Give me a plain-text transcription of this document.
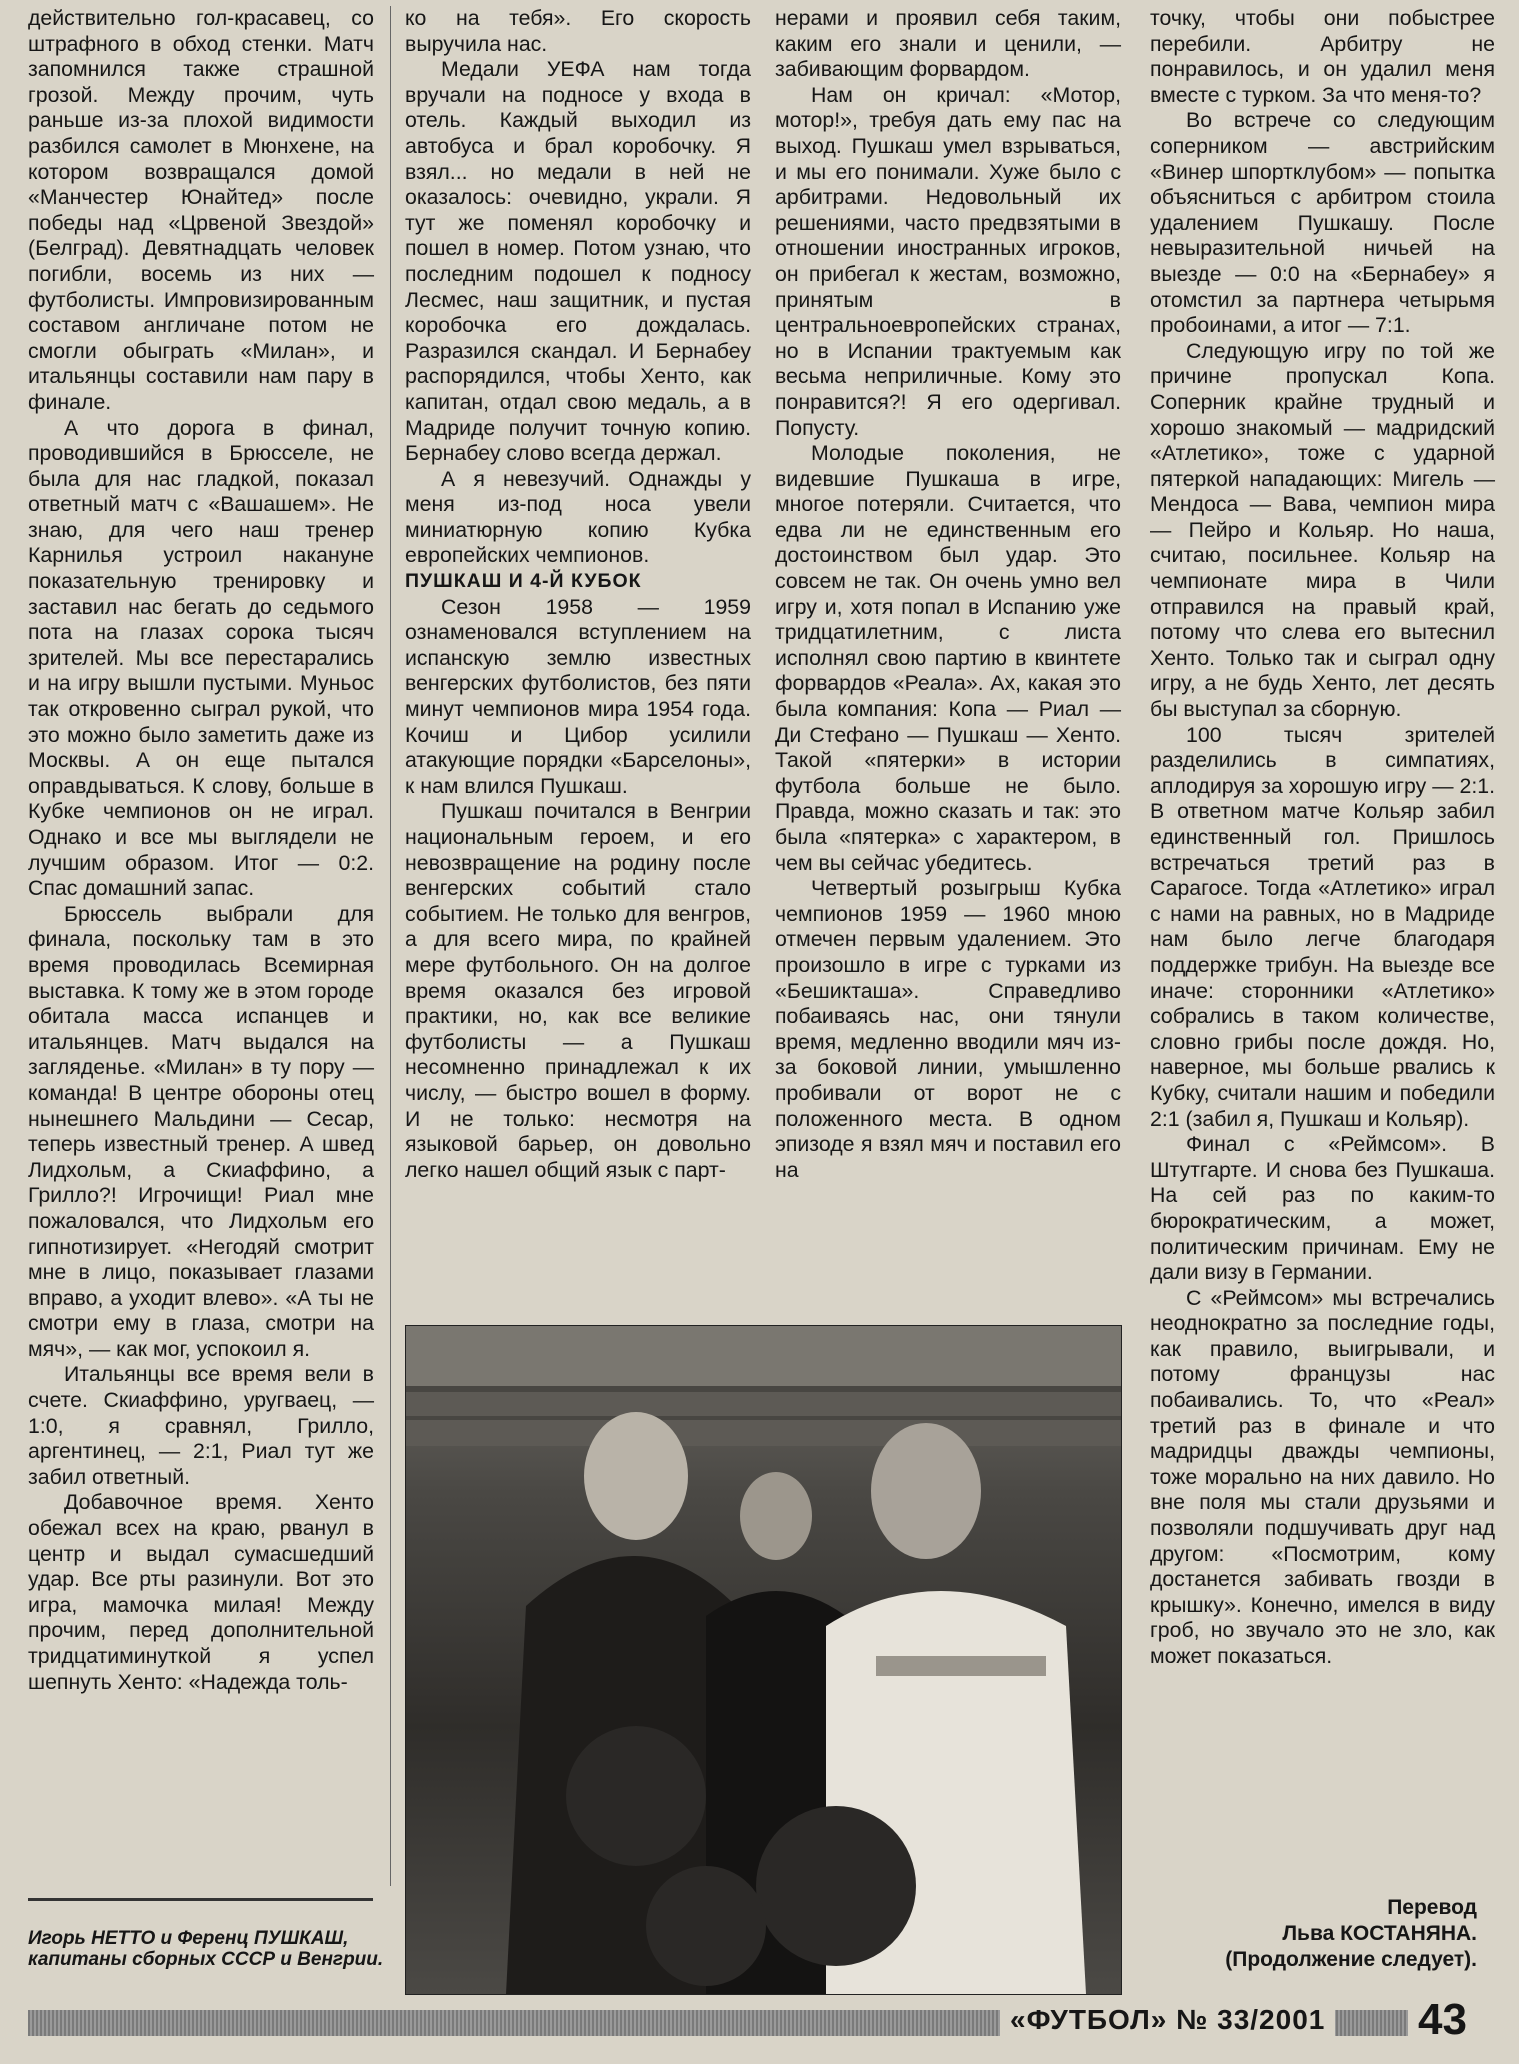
действительно гол-красавец, со штрафного в обход стенки. Матч запомнился также страшной грозой. Между прочим, чуть раньше из-за плохой видимости разбился самолет в Мюнхене, на котором возвращался домой «Манчестер Юнайтед» после победы над «Црвеной Звездой» (Белград). Девятнадцать человек погибли, восемь из них — футболисты. Импровизированным составом англичане потом не смогли обыграть «Милан», и итальянцы составили нам пару в финале.

А что дорога в финал, проводившийся в Брюсселе, не была для нас гладкой, показал ответный матч с «Вашашем». Не знаю, для чего наш тренер Карнилья устроил накануне показательную тренировку и заставил нас бегать до седьмого пота на глазах сорока тысяч зрителей. Мы все перестарались и на игру вышли пустыми. Муньос так откровенно сыграл рукой, что это можно было заметить даже из Москвы. А он еще пытался оправдываться. К слову, больше в Кубке чемпионов он не играл. Однако и все мы выглядели не лучшим образом. Итог — 0:2. Спас домашний запас.

Брюссель выбрали для финала, поскольку там в это время проводилась Всемирная выставка. К тому же в этом городе обитала масса испанцев и итальянцев. Матч выдался на загляденье. «Милан» в ту пору — команда! В центре обороны отец нынешнего Мальдини — Сесар, теперь известный тренер. А швед Лидхольм, а Скиаффино, а Грилло?! Игрочищи! Риал мне пожаловался, что Лидхольм его гипнотизирует. «Негодяй смотрит мне в лицо, показывает глазами вправо, а уходит влево». «А ты не смотри ему в глаза, смотри на мяч», — как мог, успокоил я.

Итальянцы все время вели в счете. Скиаффино, уругваец, — 1:0, я сравнял, Грилло, аргентинец, — 2:1, Риал тут же забил ответный.

Добавочное время. Хенто обежал всех на краю, рванул в центр и выдал сумасшедший удар. Все рты разинули. Вот это игра, мамочка милая! Между прочим, перед дополнительной тридцатиминуткой я успел шепнуть Хенто: «Надежда толь-

ко на тебя». Его скорость выручила нас.

Медали УЕФА нам тогда вручали на подносе у входа в отель. Каждый выходил из автобуса и брал коробочку. Я взял... но медали в ней не оказалось: очевидно, украли. Я тут же поменял коробочку и пошел в номер. Потом узнаю, что последним подошел к подносу Лесмес, наш защитник, и пустая коробочка его дождалась. Разразился скандал. И Бернабеу распорядился, чтобы Хенто, как капитан, отдал свою медаль, а в Мадриде получит точную копию. Бернабеу слово всегда держал.

А я невезучий. Однажды у меня из-под носа увели миниатюрную копию Кубка европейских чемпионов.

ПУШКАШ И 4-Й КУБОК

Сезон 1958 — 1959 ознаменовался вступлением на испанскую землю известных венгерских футболистов, без пяти минут чемпионов мира 1954 года. Кочиш и Цибор усилили атакующие порядки «Барселоны», к нам влился Пушкаш.

Пушкаш почитался в Венгрии национальным героем, и его невозвращение на родину после венгерских событий стало событием. Не только для венгров, а для всего мира, по крайней мере футбольного. Он на долгое время оказался без игровой практики, но, как все великие футболисты — а Пушкаш несомненно принадлежал к их числу, — быстро вошел в форму. И не только: несмотря на языковой барьер, он довольно легко нашел общий язык с парт-

нерами и проявил себя таким, каким его знали и ценили, — забивающим форвардом.

Нам он кричал: «Мотор, мотор!», требуя дать ему пас на выход. Пушкаш умел взрываться, и мы его понимали. Хуже было с арбитрами. Недовольный их решениями, часто предвзятыми в отношении иностранных игроков, он прибегал к жестам, возможно, принятым в центральноевропейских странах, но в Испании трактуемым как весьма неприличные. Кому это понравится?! Я его одергивал. Попусту.

Молодые поколения, не видевшие Пушкаша в игре, многое потеряли. Считается, что едва ли не единственным его достоинством был удар. Это совсем не так. Он очень умно вел игру и, хотя попал в Испанию уже тридцатилетним, с листа исполнял свою партию в квинтете форвардов «Реала». Ах, какая это была компания: Копа — Риал — Ди Стефано — Пушкаш — Хенто. Такой «пятерки» в истории футбола больше не было. Правда, можно сказать и так: это была «пятерка» с характером, в чем вы сейчас убедитесь.

Четвертый розыгрыш Кубка чемпионов 1959 — 1960 мною отмечен первым удалением. Это произошло в игре с турками из «Бешикташа». Справедливо побаиваясь нас, они тянули время, медленно вводили мяч из-за боковой линии, умышленно пробивали от ворот не с положенного места. В одном эпизоде я взял мяч и поставил его на

точку, чтобы они побыстрее перебили. Арбитру не понравилось, и он удалил меня вместе с турком. За что меня-то?

Во встрече со следующим соперником — австрийским «Винер шпортклубом» — попытка объясниться с арбитром стоила удалением Пушкашу. После невыразительной ничьей на выезде — 0:0 на «Бернабеу» я отомстил за партнера четырьмя пробоинами, а итог — 7:1.

Следующую игру по той же причине пропускал Копа. Соперник крайне трудный и хорошо знакомый — мадридский «Атлетико», тоже с ударной пятеркой нападающих: Мигель — Мендоса — Вава, чемпион мира — Пейро и Кольяр. Но наша, считаю, посильнее. Кольяр на чемпионате мира в Чили отправился на правый край, потому что слева его вытеснил Хенто. Только так и сыграл одну игру, а не будь Хенто, лет десять бы выступал за сборную.

100 тысяч зрителей разделились в симпатиях, аплодируя за хорошую игру — 2:1. В ответном матче Кольяр забил единственный гол. Пришлось встречаться третий раз в Сарагосе. Тогда «Атлетико» играл с нами на равных, но в Мадриде нам было легче благодаря поддержке трибун. На выезде все иначе: сторонники «Атлетико» собрались в таком количестве, словно грибы после дождя. Но, наверное, мы больше рвались к Кубку, считали нашим и победили 2:1 (забил я, Пушкаш и Кольяр).

Финал с «Реймсом». В Штутгарте. И снова без Пушкаша. На сей раз по каким-то бюрократическим, а может, политическим причинам. Ему не дали визу в Германии.

С «Реймсом» мы встречались неоднократно за последние годы, как правило, выигрывали, и потому французы нас побаивались. То, что «Реал» третий раз в финале и что мадридцы дважды чемпионы, тоже морально на них давило. Но вне поля мы стали друзьями и позволяли подшучивать друг над другом: «Посмотрим, кому достанется забивать гвозди в крышку». Конечно, имелся в виду гроб, но звучало это не зло, как может показаться.

Игорь НЕТТО и Ференц ПУШКАШ, капитаны сборных СССР и Венгрии.
Перевод
Льва КОСТАНЯНА.
(Продолжение следует).
«ФУТБОЛ» № 33/2001 43
